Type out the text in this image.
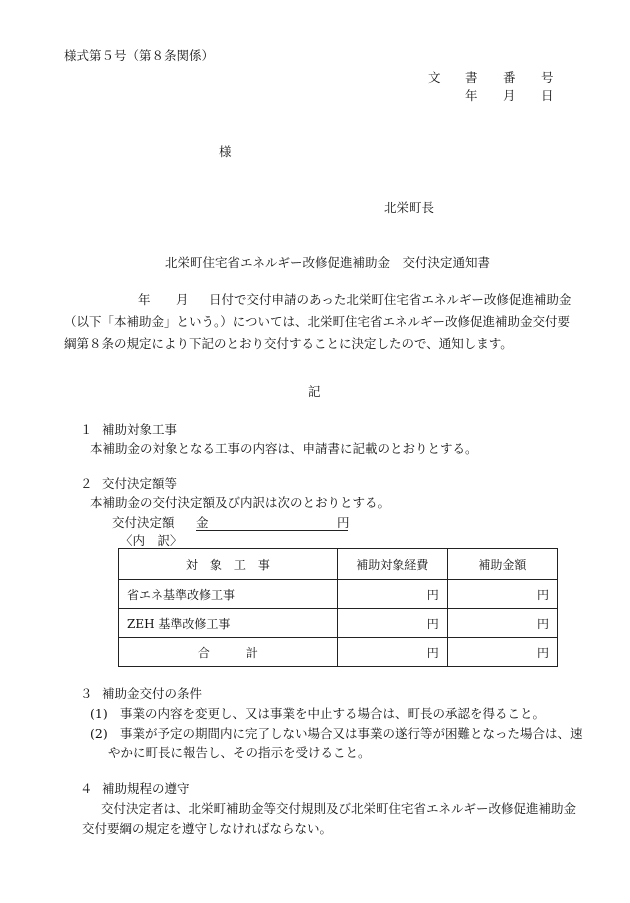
様式第５号（第８条関係）
文 書 番 号
年 月 日
様
北栄町長
北栄町住宅省エネルギー改修促進補助金　交付決定通知書
年 月 日付で交付申請のあった北栄町住宅省エネルギー改修促進補助金
（以下「本補助金」という。）については、北栄町住宅省エネルギー改修促進補助金交付要
綱第８条の規定により下記のとおり交付することに決定したので、通知します。
記
１ 補助対象工事
本補助金の対象となる工事の内容は、申請書に記載のとおりとする。
２ 交付決定額等
本補助金の交付決定額及び内訳は次のとおりとする。
交付決定額 金	円
〈内　訳〉
対　象　工　事	補助対象経費	補助金額
省エネ基準改修工事	円	円
ZEH 基準改修工事	円	円
合　　　計	円	円
３ 補助金交付の条件
(1) 事業の内容を変更し、又は事業を中止する場合は、町長の承認を得ること。
(2) 事業が予定の期間内に完了しない場合又は事業の遂行等が困難となった場合は、速
やかに町長に報告し、その指示を受けること。
４ 補助規程の遵守
交付決定者は、北栄町補助金等交付規則及び北栄町住宅省エネルギー改修促進補助金
交付要綱の規定を遵守しなければならない。
